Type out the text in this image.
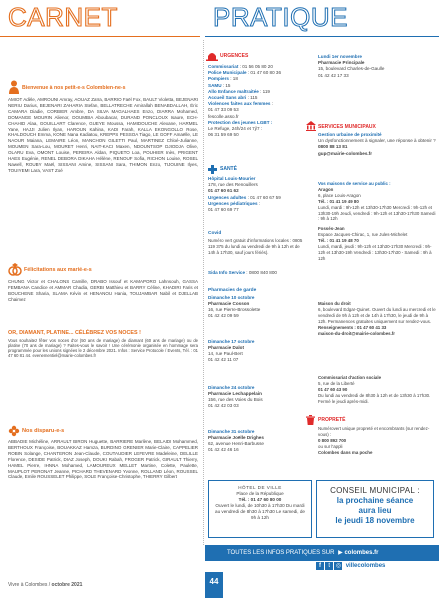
CARNET	PRATIQUE
Bienvenue à nos petit-e-s Colombien-ne-s
AMIOT Adèle, AMROUNI Amray, AOUAZ Zaïra, BARRIO Faël Fox, BAULT Violetta, BEJENARI NERIU Darius, BEJENARI ZAHARIA Stefan, BELLATRECHE Amirallah BENABDALLAH, Éric CAMARA Diadie, CORBIER Ambre, DA SILVA MAGALHAES Enzo, DIARRA Mohamed, DOMANGE MOURIN Alienor, DOUMBIA Aboubacar, DURAND PONCLOUX Isaure, ECH-CHAHID Alaa, GOUILLART Clarence, GUEYE Moussa, HAMIDOUCHE Alexane, HARMEL Yane, HAJJI Julien Ilyan, HAROUN Kahina, KADI Farah, KALLA EKONGOLLO Rose, KHALDOUCH Emma, KONE Nana Kadiatou, KREPPS PESSOA Tiago, LE GOFF Amaëlle, LE NAOUR Maiana, LEMAIRE Léon, MANCHON GILETTI Paul, MARTINEZ Chloé-Julianne, MOUMEN Sara-Lou, MOURET Henri, NAIT-KACI Maxen, NDOUNTSOP DJIODJA Olive, OLARU Eva, OMONT Louise, PEREIRA Aldan, PIQUETO Loa, POUHIER Inès, PRIGENT HAES Eugénie, RENEL DEBORA DIKAHA Hélène, RENOUF Sofia, RICHON Louise, ROSEL Nawell, ROUBY Maël, SISSANI Amine, SISSANI Sara, THIMON Enzo, TIJOUINE Ilyes, TOUIYEMI Lara, VAST Zoé
Félicitations aux marié-e-s
CHUNG Victor et CHALONS Camille, DRABO Issouf et KAMAPORO Lahnsouh, GASSA FEMBANA Candice et AMMAR Chadia, GERBI Matthieu et BARRY Céline, KHADIRI Faris et BOUCHENE Sharia, SLAMA Kévin et HENANOU Hania, TOUJAMBAR Nabil et DJELLAB Chaimez
OR, DIAMANT, PLATINE... CÉLÉBREZ VOS NOCES !
Vous souhaitez fêter vos noces d'or (50 ans de mariage) de diamant (60 ans de mariage) ou de platine (70 ans de mariage) ? Faites-vous le savoir ! Une cérémonie organisée en hommage sera programmée pour les unions signées le 2 décembre 2021. Infos : Service Protocole / Events, Tél. : 01 47 60 81 44. evenementiel@mairie-colombes.fr
Nos disparu-e-s
ABBADIE Michéline, ARRAULT BIRON Huguette, BARRIERE Marlène, BELAIDI Mohammed, BERTHOUX Françoise, BOUAKKAZ Hamza, BURDINO GRENIER Marie-Claire, CAPPELIER ROBIN Solange, CHANTERON Jean-Claude, COUTAUDIER LEFEVRE Madeleine, DELILLE Florence, DESIDE Patrick, DIAZ Joseph, DOUKI Rabah, FROGER Patrick, GIRAULT Thierry, HAMEL Pierre, IHNNA Mohamed, LAMOUREUX MELLET Martine, Colette, Paulette, MAUPLOT PERONAT Jeanne, PICHARD THEVENARD Yvonne, ROLLAND Léon, ROUSSEL Claude, Emile ROUSSELET Philippe, SOLE Françoise-Christophe, THIERRY Gilbert
URGENCES
Commissariat : 01 56 05 80 20
Police Municipale : 01 47 60 80 36
Pompiers : 18
SAMU : 15
Allo Enfance maltraitée : 119
Accueil Sans abri : 115
Violences faites aux femmes :
01 47 33 09 53
fescolle.asso.fr
Protection des jeunes LGBT :
Le Refuge, 24h/24 et 7j/7 :
06 31 59 69 50
SANTÉ
Hôpital Louis-Mourier
178, rue des Renouillers
01 47 60 61 62
Urgences adultes : 01 47 60 67 59
Urgences pédiatriques :
01 47 60 69 77
Covid
Numéro vert gratuit d'informations locales : 0805 119 375 du lundi au vendredi de 9h à 12h et de 14h à 17h30, sauf jours fériés).
Sida Info Service : 0800 840 800
Pharmacies de garde
Dimanche 10 octobre
Pharmacie Cosson
16, rue Pierre-Brossolette
01 42 42 09 59
Dimanche 17 octobre
Pharmacie Dalot
14, rue Paul-Bert
01 42 42 11 07
Dimanche 24 octobre
Pharmacie Lechappelain
156, rue des Voies du Bois
01 42 42 03 03
Dimanche 31 octobre
Pharmacie Joëlle Drighes
62, avenue Henri-Barbusse
01 42 42 46 16
Lundi 1er novembre
Pharmacie Principale
15, boulevard Charles-de-Gaulle
01 42 42 17 33
SERVICES MUNICIPAUX
Gestion urbaine de proximité
Un dysfonctionnement à signaler, une réponse à obtenir ?
0800 88 13 81
gup@mairie-colombes.fr
Vos maisons de service au public :
Aragon
6, place Louis-Aragon
Tél. : 01 41 19 49 80
Lundi, mardi : 9h-12h et 13h30-17h30 Mercredi : 9h-12h et 13h30-19h Jeudi, vendredi : 9h-12h et 13h30-17h30 Samedi : 9h à 12h
Fossés-Jean
Espace Jacques-Chirac, 1, rue Jules-Michelet
Tél. : 01 41 19 48 70
Lundi, mardi, jeudi : 9h-12h et 13h30-17h30 Mercredi : 9h-12h et 13h30-19h Vendredi : 13h30-17h30 - Samedi : 9h à 12h
Maison du droit
6, boulevard Edgar-Quinet. Ouvert du lundi au mercredi et le vendredi de 9h à 12h et de 14h à 17h30, le jeudi de 9h à 12h. Permanences gratuites uniquement sur rendez-vous.
Renseignements : 01 47 60 41 33
maison-du-droit@mairie-colombes.fr
Commissariat d'action sociale
5, rue de la Liberté
01 47 60 43 90
Du lundi au vendredi de 8h30 à 12h et de 13h30 à 17h30. Fermé le jeudi après-midi.
PROPRETÉ
Numérovert unique propreté et encombrants (sur rendez-vous) :
0 800 892 700
ou sur l'appli
Colombes dans ma poche
HÔTEL DE VILLE
Place de la République
Tél. : 01 47 60 80 00
Ouvert le lundi, de 10h30 à 17h30 Du mardi au vendredi de 8h30 à 17h30 Le samedi, de 9h à 12h
CONSEIL MUNICIPAL :
la prochaine séance
aura lieu
le jeudi 18 novembre
TOUTES LES INFOS PRATIQUES SUR ▶ colombes.fr
f t ◎ villecolombes
Vivre à Colombes / octobre 2021	44
